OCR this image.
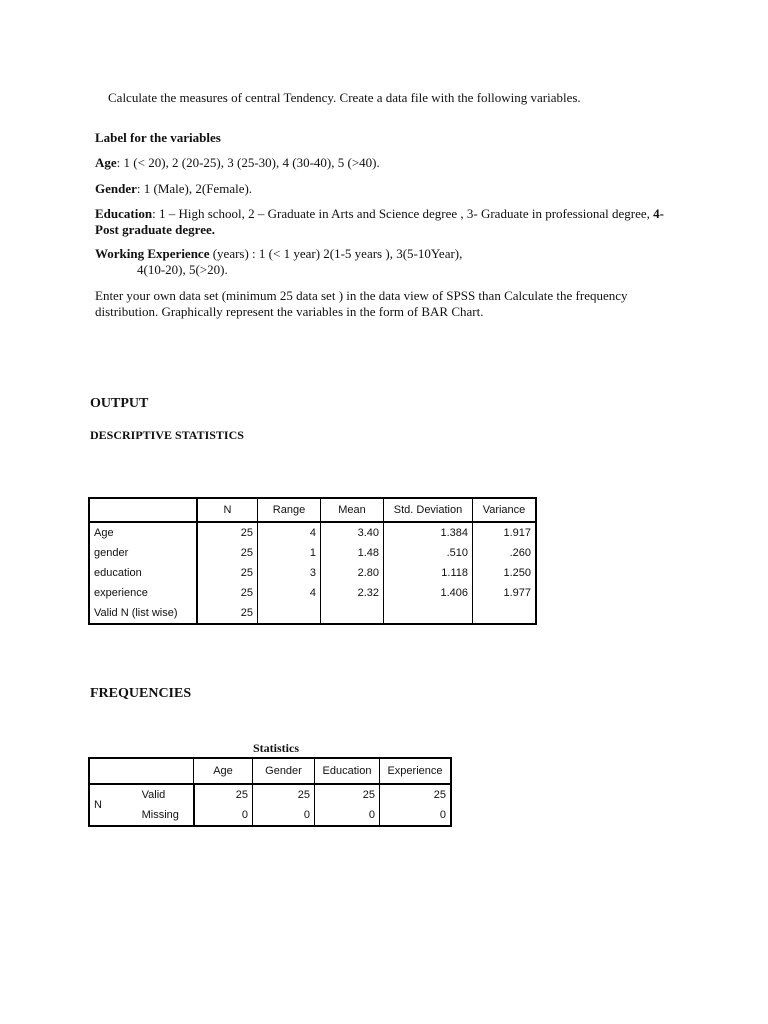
Calculate the measures of central Tendency. Create a data file with the following variables.
Label for the variables
Age: 1 (< 20), 2 (20-25), 3 (25-30), 4 (30-40), 5 (>40).
Gender: 1 (Male), 2(Female).
Education: 1 – High school, 2 – Graduate in Arts and Science degree , 3- Graduate in professional degree, 4-Post graduate degree.
Working Experience (years) : 1 (< 1 year) 2(1-5 years ), 3(5-10Year),
4(10-20), 5(>20).
Enter your own data set (minimum 25 data set ) in the data view of SPSS than Calculate the frequency distribution. Graphically represent the variables in the form of BAR Chart.
OUTPUT
DESCRIPTIVE STATISTICS
	N	Range	Mean	Std. Deviation	Variance
Age	25	4	3.40	1.384	1.917
gender	25	1	1.48	.510	.260
education	25	3	2.80	1.118	1.250
experience	25	4	2.32	1.406	1.977
Valid N (list wise)	25				
FREQUENCIES
Statistics
		Age	Gender	Education	Experience
N	Valid	25	25	25	25
	Missing	0	0	0	0
